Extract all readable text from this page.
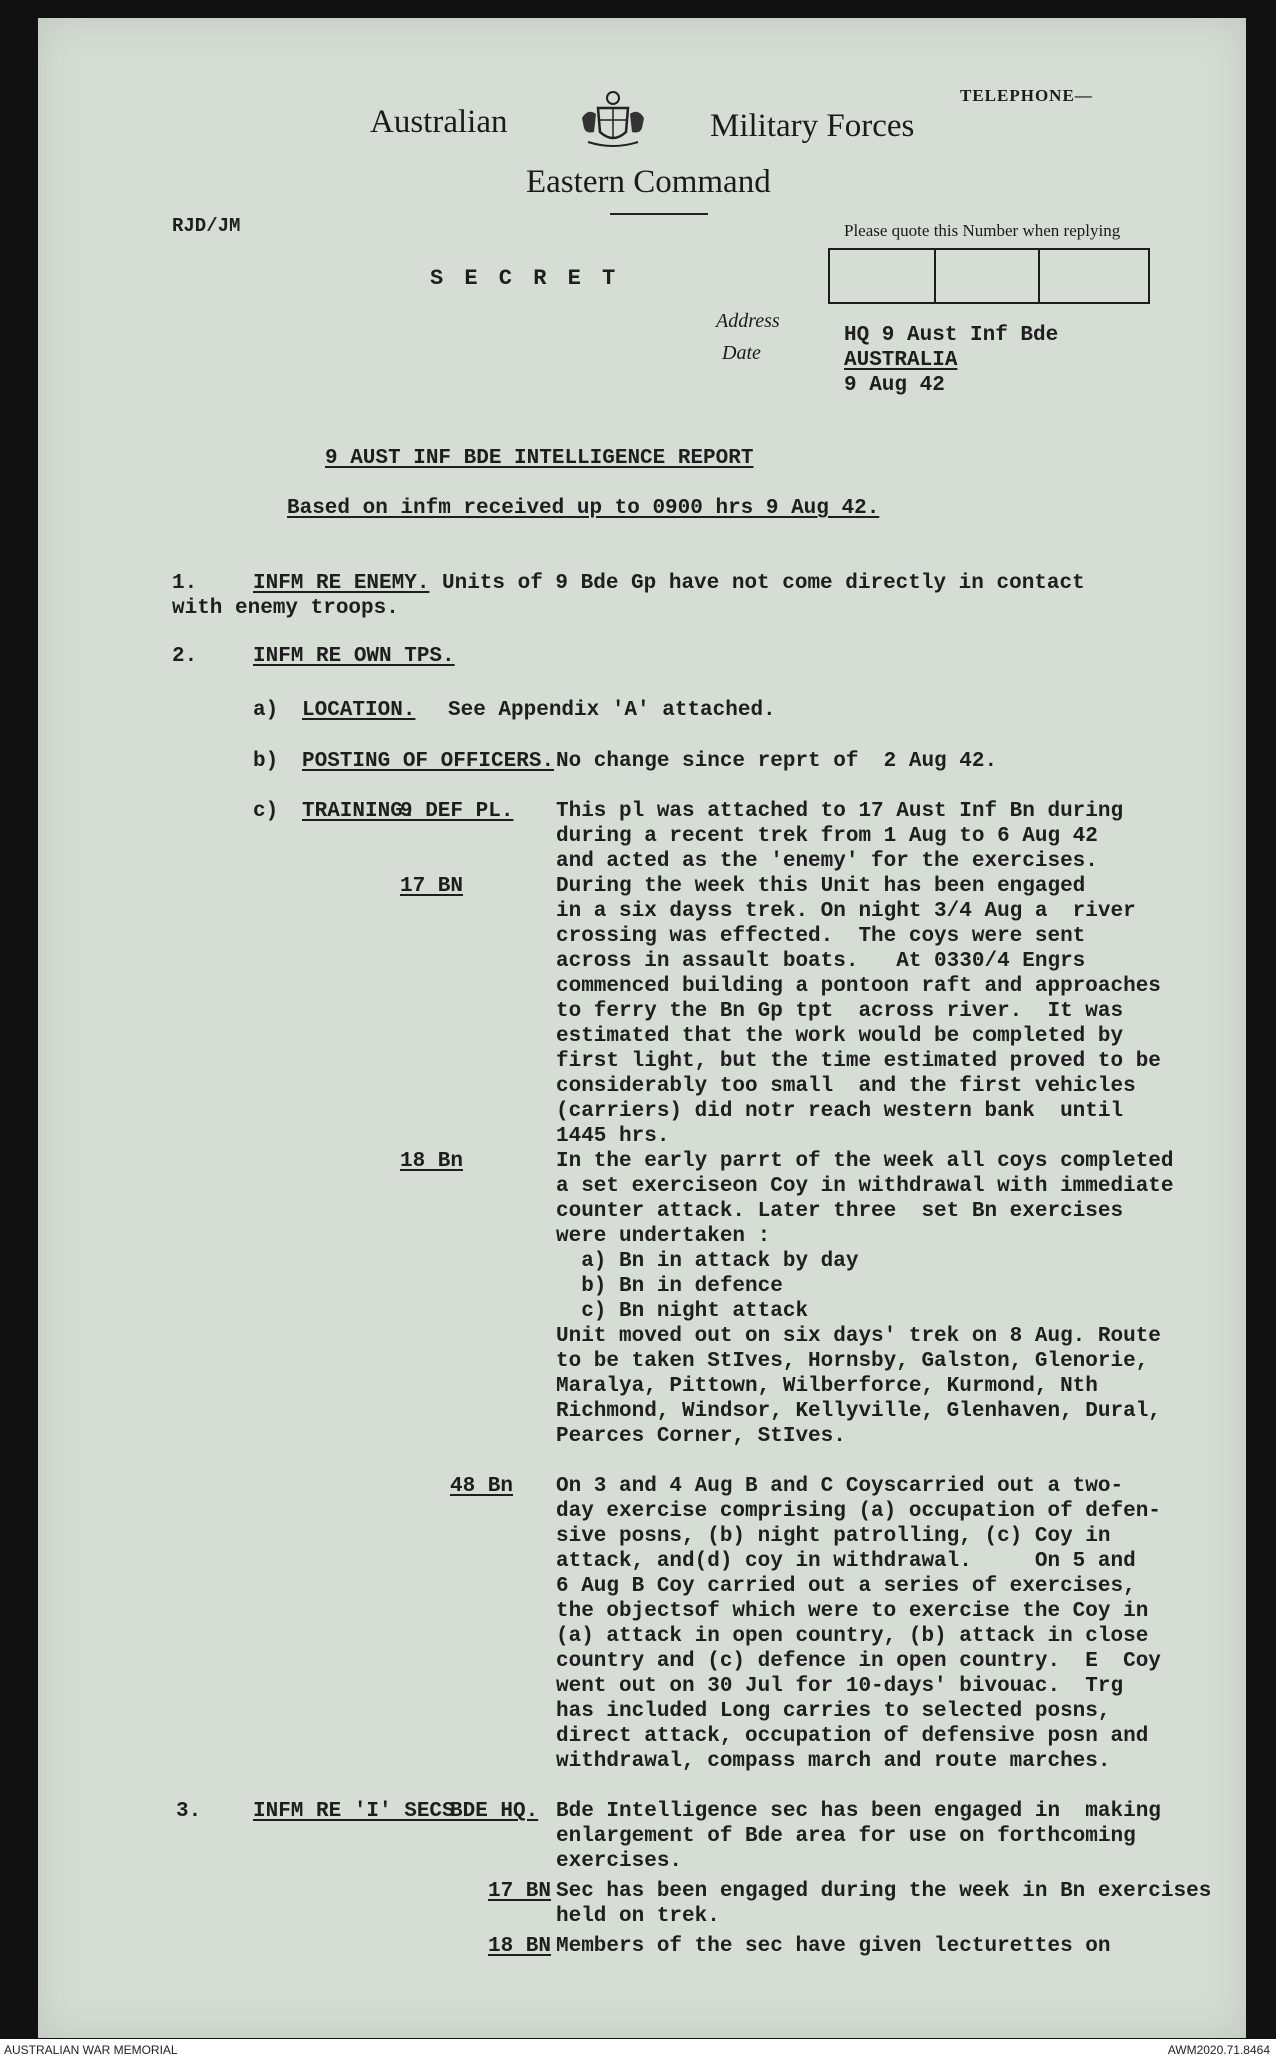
Australian	Military Forces
Eastern Command
TELEPHONE—
RJD/JM	Please quote this Number when replying
S E C R E T
Address
Date
HQ 9 Aust Inf Bde
AUSTRALIA
9 Aug 42
9 AUST INF BDE INTELLIGENCE REPORT
Based on infm received up to 0900 hrs 9 Aug 42.
1.	INFM RE ENEMY. Units of 9 Bde Gp have not come directly in contact
with enemy troops.
2.	INFM RE OWN TPS.
a) LOCATION. See Appendix 'A' attached.
b) POSTING OF OFFICERS. No change since reprt of  2 Aug 42.
c) TRAINING.
9 DEF PL. This pl was attached to 17 Aust Inf Bn during
during a recent trek from 1 Aug to 6 Aug 42
and acted as the 'enemy' for the exercises.
17 BN	During the week this Unit has been engaged
in a six dayss trek. On night 3/4 Aug a  river
crossing was effected.  The coys were sent
across in assault boats.   At 0330/4 Engrs
commenced building a pontoon raft and approaches
to ferry the Bn Gp tpt  across river.  It was
estimated that the work would be completed by
first light, but the time estimated proved to be
considerably too small  and the first vehicles
(carriers) did notr reach western bank  until
1445 hrs.
18 Bn	In the early parrt of the week all coys completed
a set exerciseon Coy in withdrawal with immediate
counter attack. Later three  set Bn exercises
were undertaken :
a) Bn in attack by day
b) Bn in defence
c) Bn night attack
Unit moved out on six days' trek on 8 Aug. Route
to be taken StIves, Hornsby, Galston, Glenorie,
Maralya, Pittown, Wilberforce, Kurmond, Nth
Richmond, Windsor, Kellyville, Glenhaven, Dural,
Pearces Corner, StIves.
48 Bn On 3 and 4 Aug B and C Coyscarried out a two-
day exercise comprising (a) occupation of defen-
sive posns, (b) night patrolling, (c) Coy in
attack, and(d) coy in withdrawal.     On 5 and
6 Aug B Coy carried out a series of exercises,
the objectsof which were to exercise the Coy in
(a) attack in open country, (b) attack in close
country and (c) defence in open country.  E  Coy
went out on 30 Jul for 10-days' bivouac.  Trg
has included Long carries to selected posns,
direct attack, occupation of defensive posn and
withdrawal, compass march and route marches.
3. INFM RE 'I' SECS
BDE HQ. Bde Intelligence sec has been engaged in  making
enlargement of Bde area for use on forthcoming
exercises.
17 BN Sec has been engaged during the week in Bn exercises
held on trek.
18 BN Members of the sec have given lecturettes on
AUSTRALIAN WAR MEMORIAL	AWM2020.71.8464
